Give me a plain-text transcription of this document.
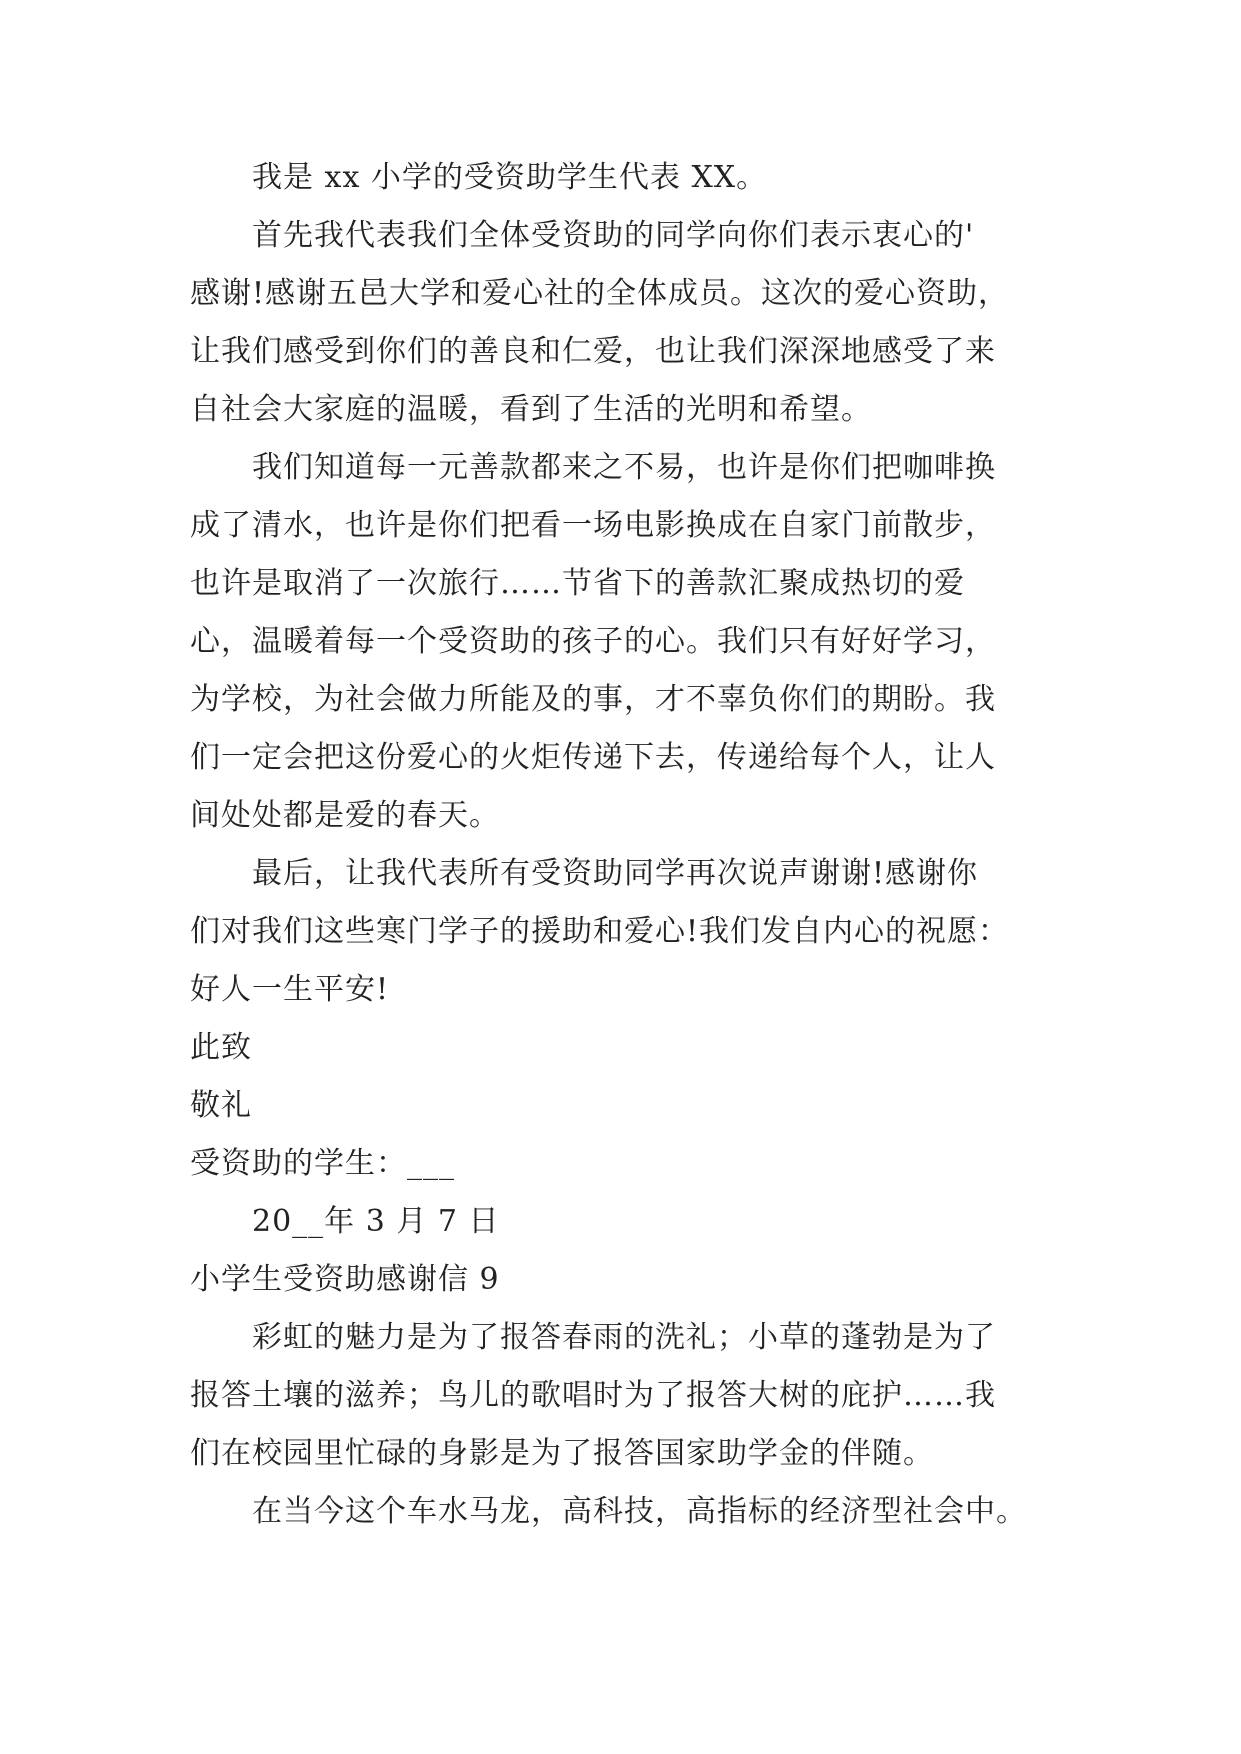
我是 xx 小学的受资助学生代表 XX。
首先我代表我们全体受资助的同学向你们表示衷心的'
感谢!感谢五邑大学和爱心社的全体成员。这次的爱心资助，
让我们感受到你们的善良和仁爱，也让我们深深地感受了来
自社会大家庭的温暖，看到了生活的光明和希望。
我们知道每一元善款都来之不易，也许是你们把咖啡换
成了清水，也许是你们把看一场电影换成在自家门前散步，
也许是取消了一次旅行……节省下的善款汇聚成热切的爱
心，温暖着每一个受资助的孩子的心。我们只有好好学习，
为学校，为社会做力所能及的事，才不辜负你们的期盼。我
们一定会把这份爱心的火炬传递下去，传递给每个人，让人
间处处都是爱的春天。
最后，让我代表所有受资助同学再次说声谢谢!感谢你
们对我们这些寒门学子的援助和爱心!我们发自内心的祝愿：
好人一生平安!
此致
敬礼
受资助的学生：___
20__年 3 月 7 日
小学生受资助感谢信 9
彩虹的魅力是为了报答春雨的洗礼；小草的蓬勃是为了
报答土壤的滋养；鸟儿的歌唱时为了报答大树的庇护……我
们在校园里忙碌的身影是为了报答国家助学金的伴随。
在当今这个车水马龙，高科技，高指标的经济型社会中。
